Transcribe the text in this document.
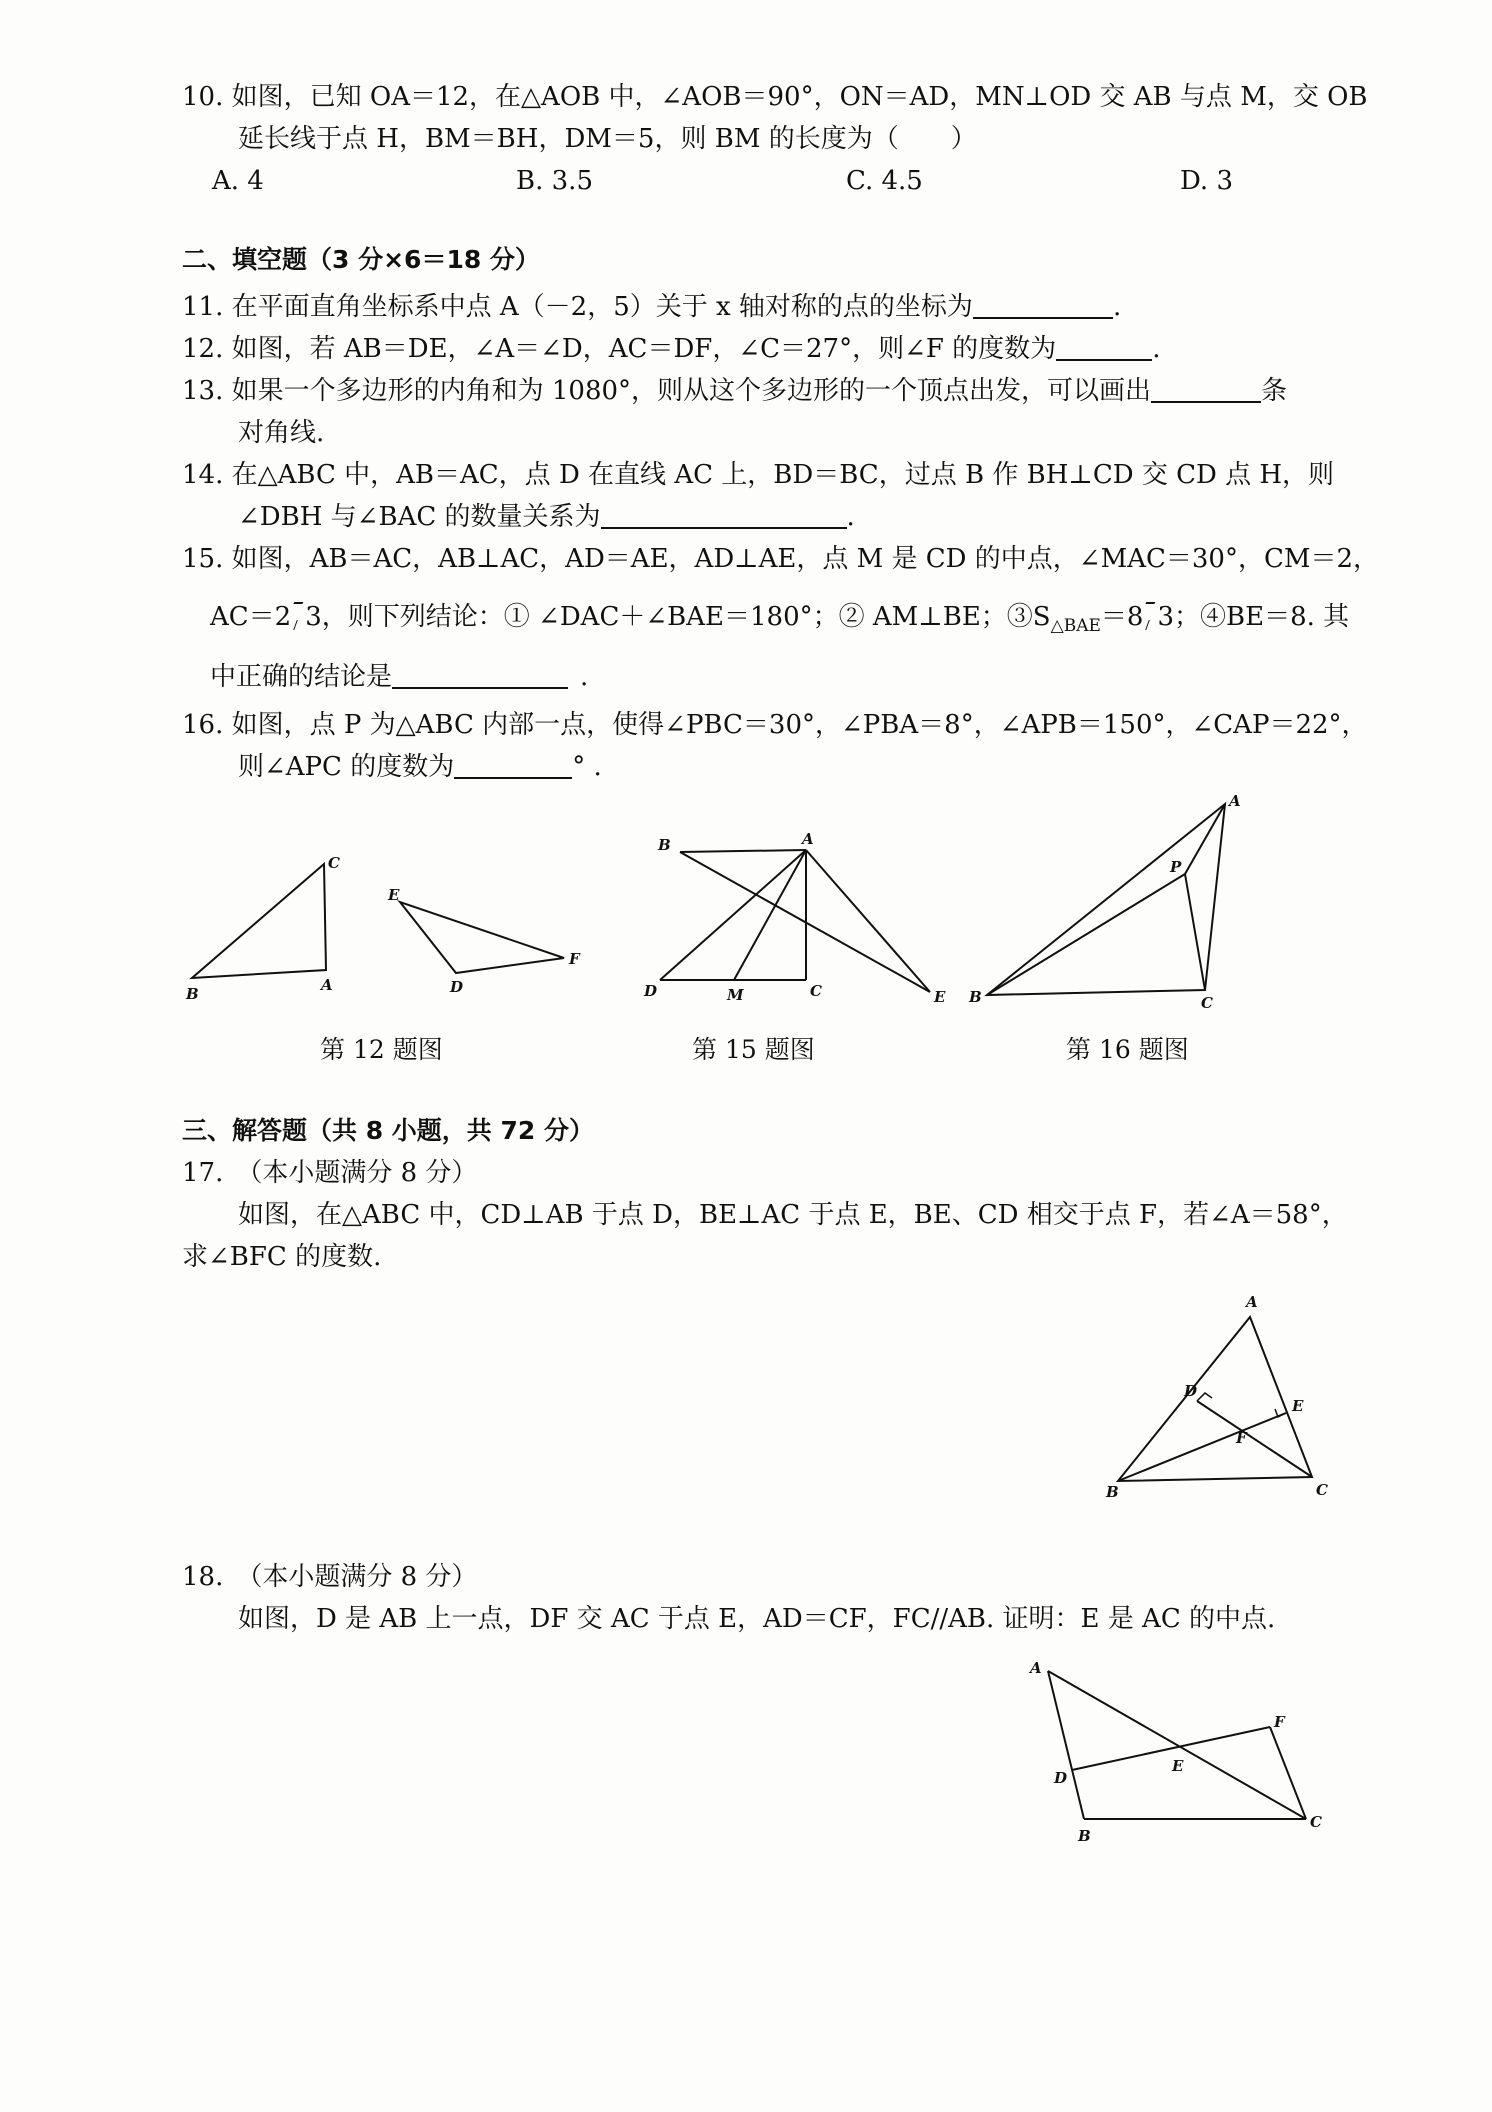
10. 如图，已知 OA＝12，在△AOB 中，∠AOB＝90°，ON＝AD，MN⊥OD 交 AB 与点 M，交 OB
延长线于点 H，BM＝BH，DM＝5，则 BM 的长度为（　　）
A. 4	B. 3.5	C. 4.5	D. 3
二、填空题（3 分×6＝18 分）
11. 在平面直角坐标系中点 A（－2，5）关于 x 轴对称的点的坐标为	.
12. 如图，若 AB＝DE，∠A＝∠D，AC＝DF，∠C＝27°，则∠F 的度数为	.
13. 如果一个多边形的内角和为 1080°，则从这个多边形的一个顶点出发，可以画出	条
对角线.
14. 在△ABC 中，AB＝AC，点 D 在直线 AC 上，BD＝BC，过点 B 作 BH⊥CD 交 CD 点 H，则
∠DBH 与∠BAC 的数量关系为	.
15. 如图，AB＝AC，AB⊥AC，AD＝AE，AD⊥AE，点 M 是 CD 的中点，∠MAC＝30°，CM＝2，
AC＝2 3，则下列结论：① ∠DAC＋∠BAE＝180°；② AM⊥BE；$③S_{\triangle BAE}=8$ 3；④BE＝8. 其
中正确的结论是	.
16. 如图，点 P 为△ABC 内部一点，使得∠PBC＝30°，∠PBA＝8°，∠APB＝150°，∠CAP＝22°，
则∠APC 的度数为	° .
B	A
C
E
D
F
第 12 题图
B	A
D	M	C	E
第 15 题图
B
A
P
C
第 16 题图
三、解答题（共 8 小题，共 72 分）
17.　（本小题满分 8 分）
如图，在△ABC 中，CD⊥AB 于点 D，BE⊥AC 于点 E，BE、CD 相交于点 F，若∠A＝58°，
求∠BFC 的度数.
A
D
E
F
B	C
18.　（本小题满分 8 分）
如图，D 是 AB 上一点，DF 交 AC 于点 E，AD＝CF，FC//AB. 证明：E 是 AC 的中点.
A
F
E
D
B
C
